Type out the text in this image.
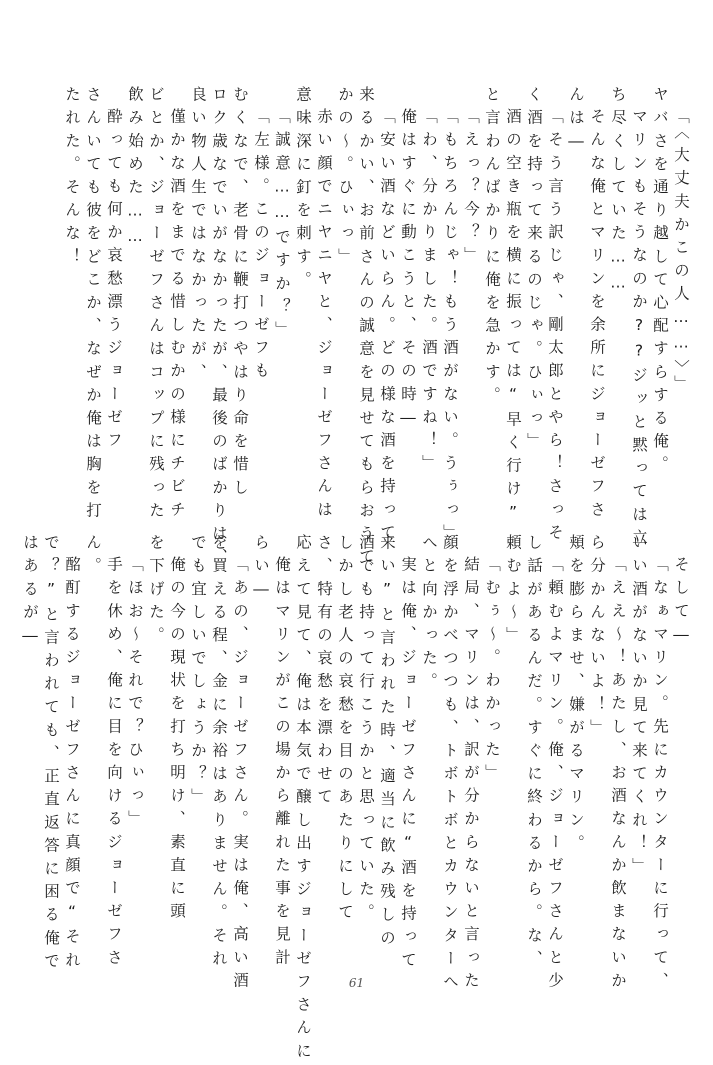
「〈大丈夫かこの人……〉」
ヤバさを通り越して心配すらする俺。
マリンもそうなのか??ジッと黙っては立
ち尽くしていた……
そんな俺とマリンを余所にジョーゼフさ
んは―
「そう言う訳じゃ、剛太郎とやら！さっそ
く酒を持って来るのじゃ。ひぃっ」
酒の空き瓶を横に振っては“早く行け”
と言わんばかりに俺を急かす。
「えっ？今？」
「もちろんじゃ！もう酒がない。うぅっ」
「わ、分かりました。酒ですね！」
俺はすぐに動こうと、その時―
「安い酒などいらん。どの様な酒を持って
来るかい、お前さんの誠意を見せてもらおうて
かの～。ひぃっ」
赤い顔でニヤニヤと、ジョーゼフさんは
意味深に釘を刺す。
「誠意……ですか？」
「左様。このジョーゼフも
むくなで、老骨に鞭打つやはり命を惜し
ロク歳なでいがなかったが、最後のばかりは、
良い物人生ではなかったが、
僅かな酒をまでる惜しむかの様にチビチ
ビとか、ジョーゼフさんはコップに残った
飲み始めた……
酔っても何か哀愁漂うジョーゼフ
さんいても彼をどこか、なぜか俺は胸を打
たれた。そんな！
そして―
「なぁマリン。先にカウンターに行って、
いい酒がないか見て来てくれ！」
「ええ～！あたし、お酒なんか飲まないか
ら分かんないよ！」
頬を膨らませ、嫌がるマリン。
「頼むよマリン。俺、ジョーゼフさんと少
し話があるんだ。すぐに終わるから。な、
頼むよ～」
「むぅ～。わかった」
結局、マリンは、訳が分からないと言った
顔を浮かべつつも、トボトボとカウンターへ
へと向かった。
実は俺、ジョーゼフさんに“酒を持って
来い”と言われた時、適当に飲み残しの
酒でも持って行こうかと思っていた。
しかし老人の哀愁を目のあたりにして
さ、特有の哀愁を漂わせて
応えて見て、俺は本気で醸し出すジョーゼフさんに
俺はマリンがこの場から離れた事を見計
らい―
「あの、ジョーゼフさん。実は俺、高い酒
を買える程、金に余裕はありません。それ
でも宜しいでしょうか？」
俺の今の現状を打ち明け、素直に頭
を下げた。
「ほお～それで？ひぃっ」
手を休め、俺に目を向けるジョーゼフさ
ん。
酩酊するジョーゼフさんに真顔で“それ
で？”と言われても、正直返答に困る俺で
はあるが―
61
